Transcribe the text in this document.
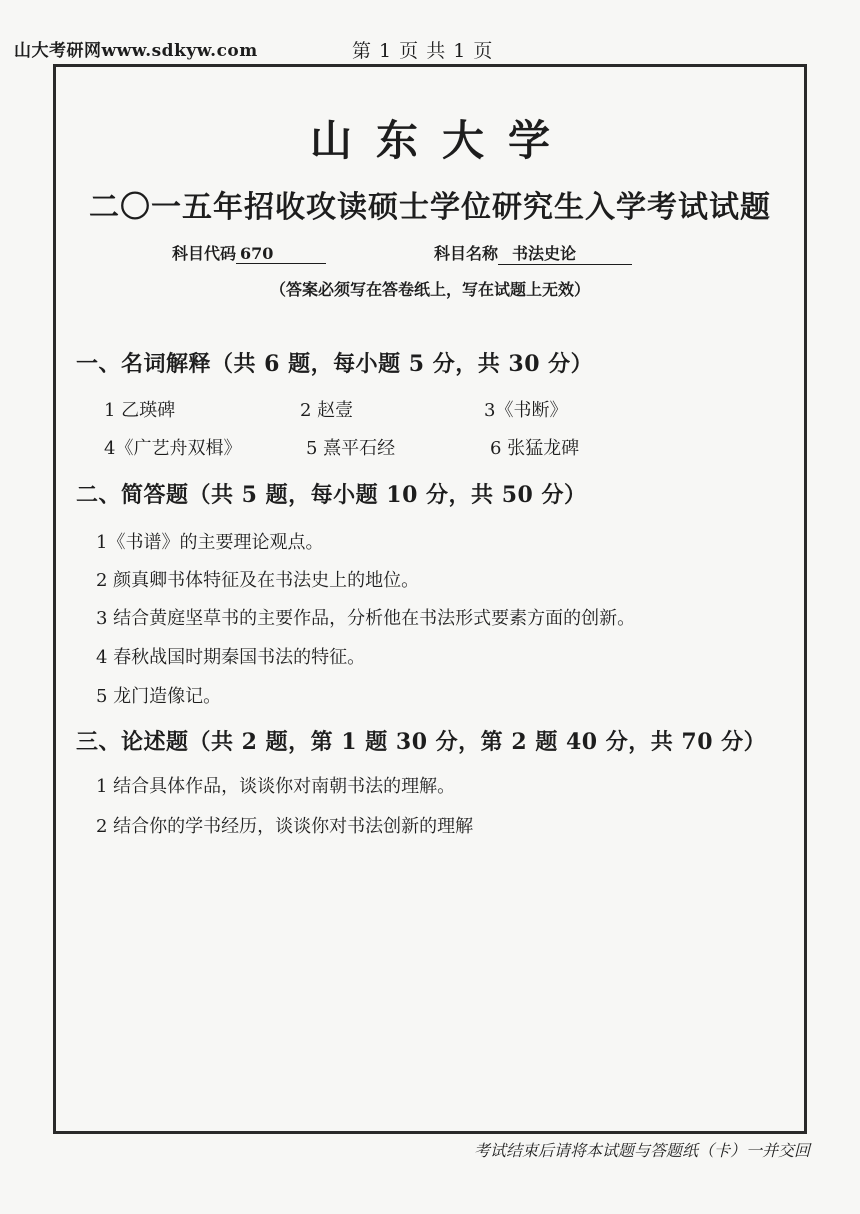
山大考研网www.sdkyw.com	第 1 页 共 1 页
山东大学
二〇一五年招收攻读硕士学位研究生入学考试试题
科目代码 670	科目名称 书法史论
（答案必须写在答卷纸上，写在试题上无效）
一、名词解释（共 6 题，每小题 5 分，共 30 分）
1 乙瑛碑	2 赵壹	3《书断》
4《广艺舟双楫》	5 熹平石经	6 张猛龙碑
二、简答题（共 5 题，每小题 10 分，共 50 分）
1《书谱》的主要理论观点。
2 颜真卿书体特征及在书法史上的地位。
3 结合黄庭坚草书的主要作品，分析他在书法形式要素方面的创新。
4 春秋战国时期秦国书法的特征。
5 龙门造像记。
三、论述题（共 2 题，第 1 题 30 分，第 2 题 40 分，共 70 分）
1 结合具体作品，谈谈你对南朝书法的理解。
2 结合你的学书经历，谈谈你对书法创新的理解
考试结束后请将本试题与答题纸（卡）一并交回
